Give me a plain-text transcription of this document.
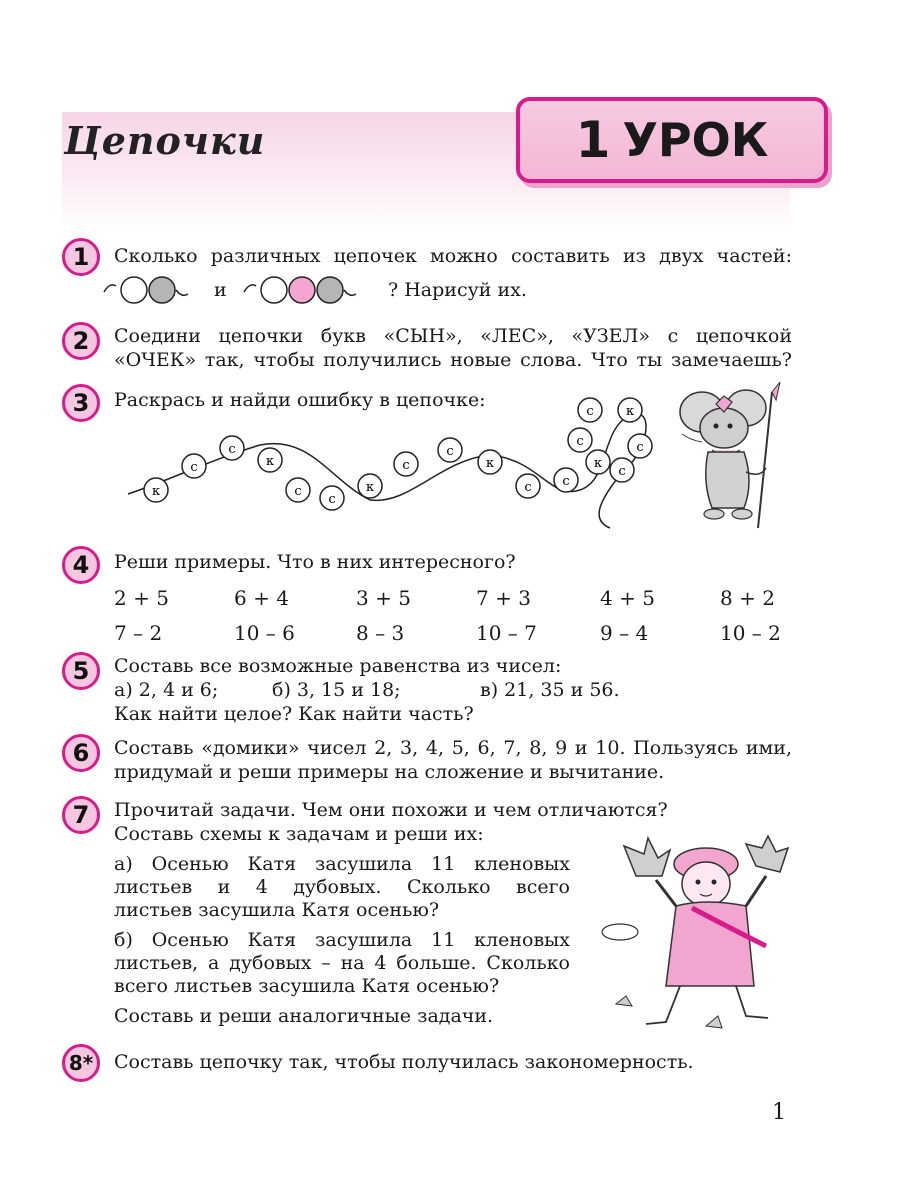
Цепочки	1 УРОК
1	Сколько различных цепочек можно составить из двух частей:
и	? Нарисуй их.
2	Соедини цепочки букв «СЫН», «ЛЕС», «УЗЕЛ» с цепочкой
«ОЧЕК» так, чтобы получились новые слова. Что ты замечаешь?
3	Раскрась и найди ошибку в цепочке:
к
с
с
к
с
с
к
с
с
к
с с
к
с
с к
с
с
4	Реши примеры. Что в них интересного?
2 + 5	6 + 4	3 + 5	7 + 3	4 + 5	8 + 2
7 – 2	10 – 6	8 – 3	10 – 7	9 – 4	10 – 2
5	Составь все возможные равенства из чисел:
а) 2, 4 и 6;	б) 3, 15 и 18;	в) 21, 35 и 56.
Как найти целое? Как найти часть?
6	Составь «домики» чисел 2, 3, 4, 5, 6, 7, 8, 9 и 10. Пользуясь ими,
придумай и реши примеры на сложение и вычитание.
7	Прочитай задачи. Чем они похожи и чем отличаются?
Составь схемы к задачам и реши их:
а) Осенью Катя засушила 11 кленовых
листьев и 4 дубовых. Сколько всего
листьев засушила Катя осенью?
б) Осенью Катя засушила 11 кленовых
листьев, а дубовых – на 4 больше. Сколько
всего листьев засушила Катя осенью?
Составь и реши аналогичные задачи.
8*	Составь цепочку так, чтобы получилась закономерность.
1
